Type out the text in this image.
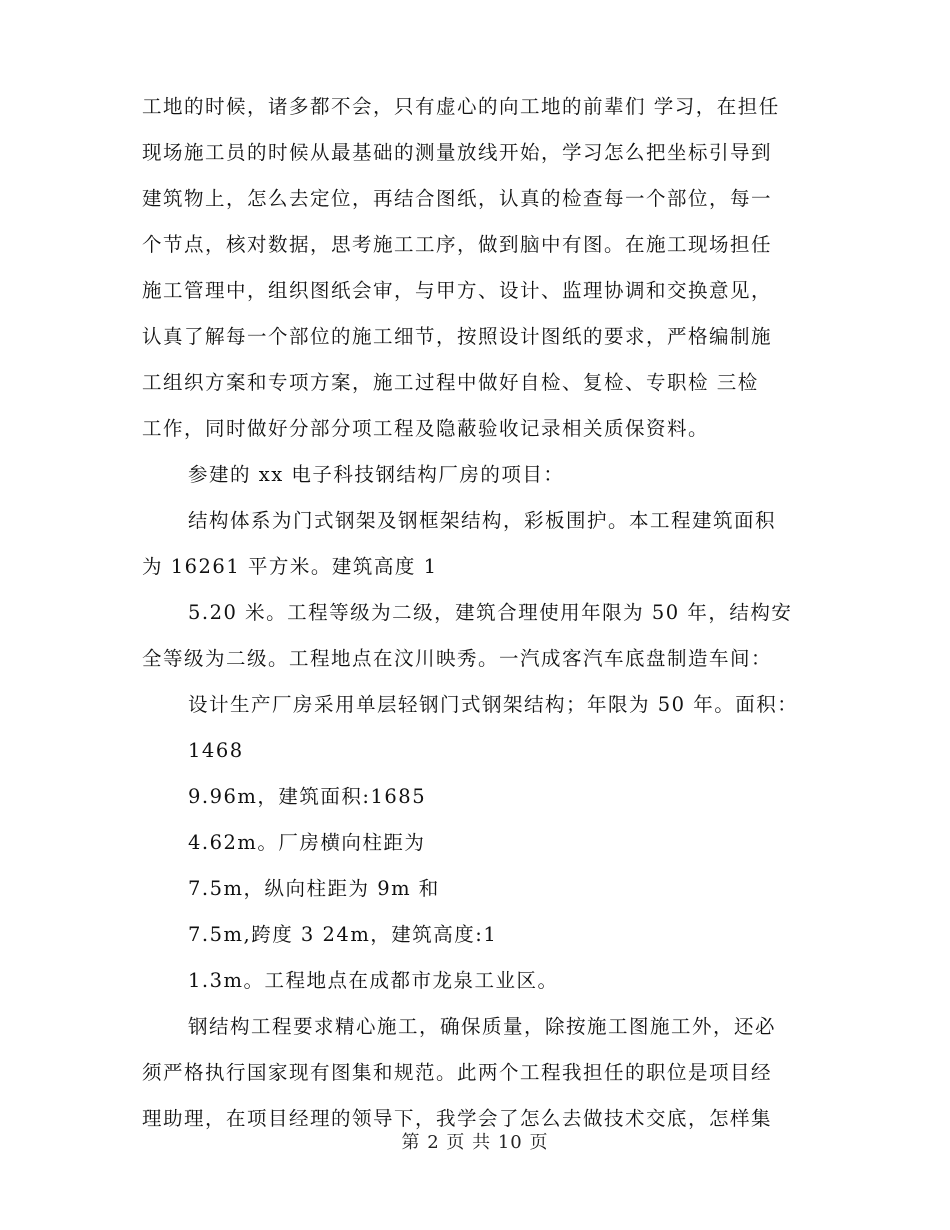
工地的时候，诸多都不会，只有虚心的向工地的前辈们 学习，在担任
现场施工员的时候从最基础的测量放线开始，学习怎么把坐标引导到
建筑物上，怎么去定位，再结合图纸，认真的检查每一个部位，每一
个节点，核对数据，思考施工工序，做到脑中有图。在施工现场担任
施工管理中，组织图纸会审，与甲方、设计、监理协调和交换意见，
认真了解每一个部位的施工细节，按照设计图纸的要求，严格编制施
工组织方案和专项方案，施工过程中做好自检、复检、专职检 三检
工作，同时做好分部分项工程及隐蔽验收记录相关质保资料。
参建的 xx 电子科技钢结构厂房的项目：
结构体系为门式钢架及钢框架结构，彩板围护。本工程建筑面积
为 16261 平方米。建筑高度 1
5.20 米。工程等级为二级，建筑合理使用年限为 50 年，结构安
全等级为二级。工程地点在汶川映秀。一汽成客汽车底盘制造车间：
设计生产厂房采用单层轻钢门式钢架结构；年限为 50 年。面积：
1468
9.96m，建筑面积:1685
4.62m。厂房横向柱距为
7.5m，纵向柱距为 9m 和
7.5m,跨度 3 24m，建筑高度:1
1.3m。工程地点在成都市龙泉工业区。
钢结构工程要求精心施工，确保质量，除按施工图施工外，还必
须严格执行国家现有图集和规范。此两个工程我担任的职位是项目经
理助理，在项目经理的领导下，我学会了怎么去做技术交底，怎样集
第 2 页 共 10 页
